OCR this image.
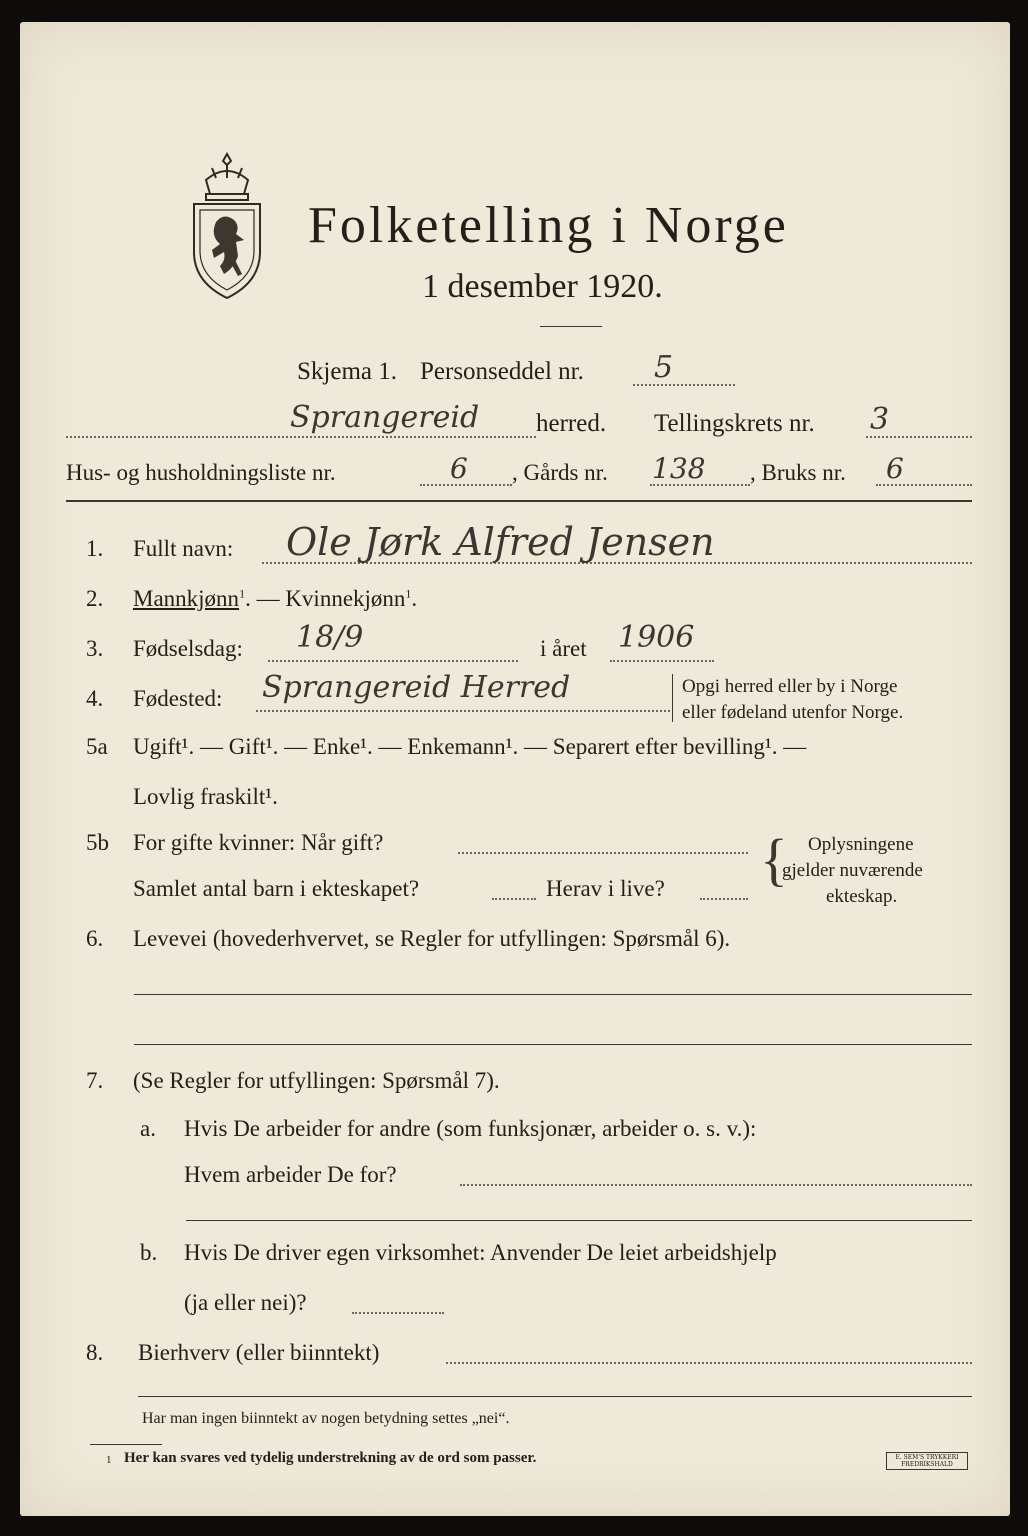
Folketelling i Norge
1 desember 1920.
Skjema 1. Personseddel nr. 5
Sprangereid herred. Tellingskrets nr. 3
Hus- og husholdningsliste nr.	6 , Gårds nr. 138 , Bruks nr. 6
1. Fullt navn: Ole Jørk Alfred Jensen
2. Mannkjønn$^1$. — Kvinnekjønn$^1$.
3. Fødselsdag: 18/9	i året 1906
4. Fødested: Sprangereid Herred	Opgi herred eller by i Norge
eller fødeland utenfor Norge.
5a Ugift¹. — Gift¹. — Enke¹. — Enkemann¹. — Separert efter bevilling¹. —
Lovlig fraskilt¹.
5b For gifte kvinner: Når gift?
Samlet antal barn i ekteskapet?	Herav i live? { Oplysningene
gjelder nuværende
ekteskap.
6. Levevei (hovederhvervet, se Regler for utfyllingen: Spørsmål 6).
7. (Se Regler for utfyllingen: Spørsmål 7).
a. Hvis De arbeider for andre (som funksjonær, arbeider o. s. v.):
Hvem arbeider De for?
b. Hvis De driver egen virksomhet: Anvender De leiet arbeidshjelp
(ja eller nei)?
8. Bierhverv (eller biinntekt)
Har man ingen biinntekt av nogen betydning settes „nei“.
1 Her kan svares ved tydelig understrekning av de ord som passer.	E. SEM'S TRYKKERI FREDRIKSHALD
